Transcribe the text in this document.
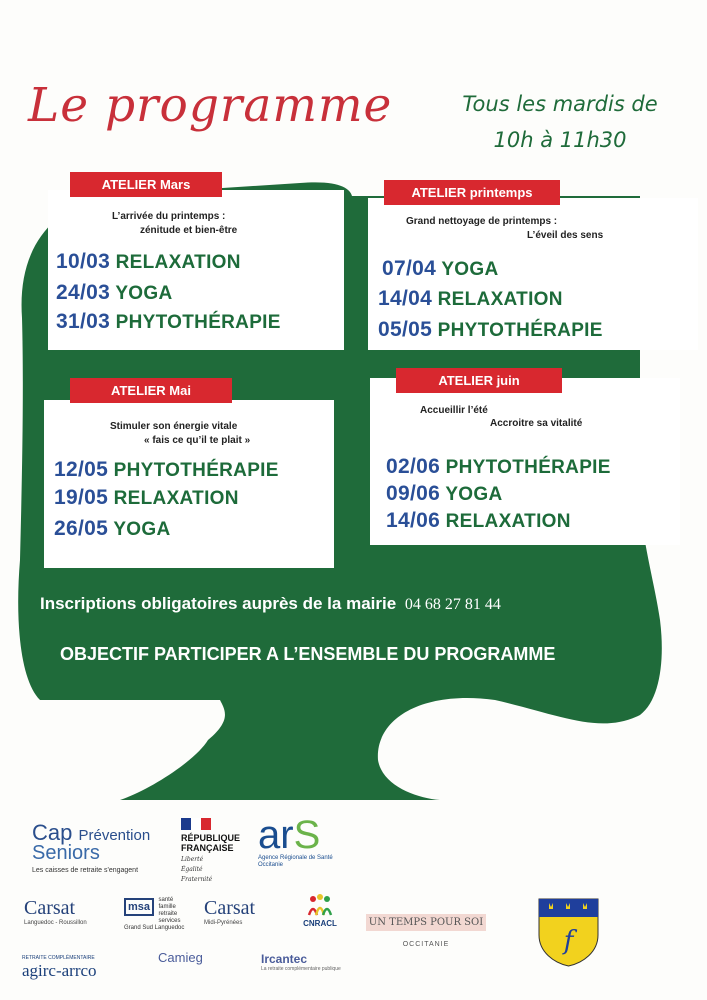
Le programme	Tous les mardis de
10h à 11h30
ATELIER Mars
ATELIER printemps
ATELIER Mai
ATELIER juin
L’arrivée du printemps :
zénitude et bien-être
10/03 RELAXATION
24/03 YOGA
31/03 PHYTOTHÉRAPIE
Grand nettoyage de printemps :
L’éveil des sens
07/04 YOGA
14/04 RELAXATION
05/05 PHYTOTHÉRAPIE
Stimuler son énergie vitale
« fais ce qu’il te plait »
12/05 PHYTOTHÉRAPIE
19/05 RELAXATION
26/05 YOGA
Accueillir l’été
Accroitre sa vitalité
02/06 PHYTOTHÉRAPIE
09/06 YOGA
14/06 RELAXATION
Inscriptions obligatoires auprès de la mairie 04 68 27 81 44
OBJECTIF PARTICIPER A L’ENSEMBLE DU PROGRAMME
Cap Prévention
Seniors
Les caisses de retraite s'engagent
RÉPUBLIQUE
FRANÇAISE
Liberté
Égalité
Fraternité
arS
Agence Régionale de Santé
Occitanie
Carsat
Languedoc - Roussillon
msa santé famille retraite services Grand Sud Languedoc
Carsat
Midi-Pyrénées	CNRACL	UN TEMPS POUR SOI
OCCITANIE
RETRAITE COMPLÉMENTAIRE
agirc-arrco
Camieg	Ircantec
La retraite complémentaire publique
f
